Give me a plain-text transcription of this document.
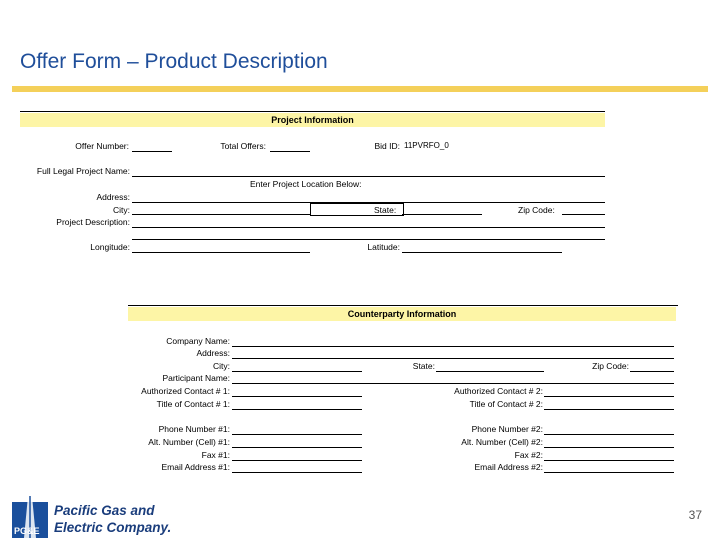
Offer Form – Product Description
Project Information
Offer Number:	Total Offers:	Bid ID: 11PVRFO_0
Full Legal Project Name:
Enter Project Location Below:
Address:
City:	State:	Zip Code:
Project Description:
Longitude:	Latitude:
Counterparty Information
Company Name:
Address:
City:	State:	Zip Code:
Participant Name:
Authorized Contact # 1:	Authorized Contact # 2:
Title of Contact # 1:	Title of Contact # 2:
Phone Number #1:	Phone Number #2:
Alt. Number (Cell) #1:	Alt. Number (Cell) #2:
Fax #1:	Fax #2:
Email Address #1:	Email Address #2:
PG&E
Pacific Gas and
Electric Company.
37
